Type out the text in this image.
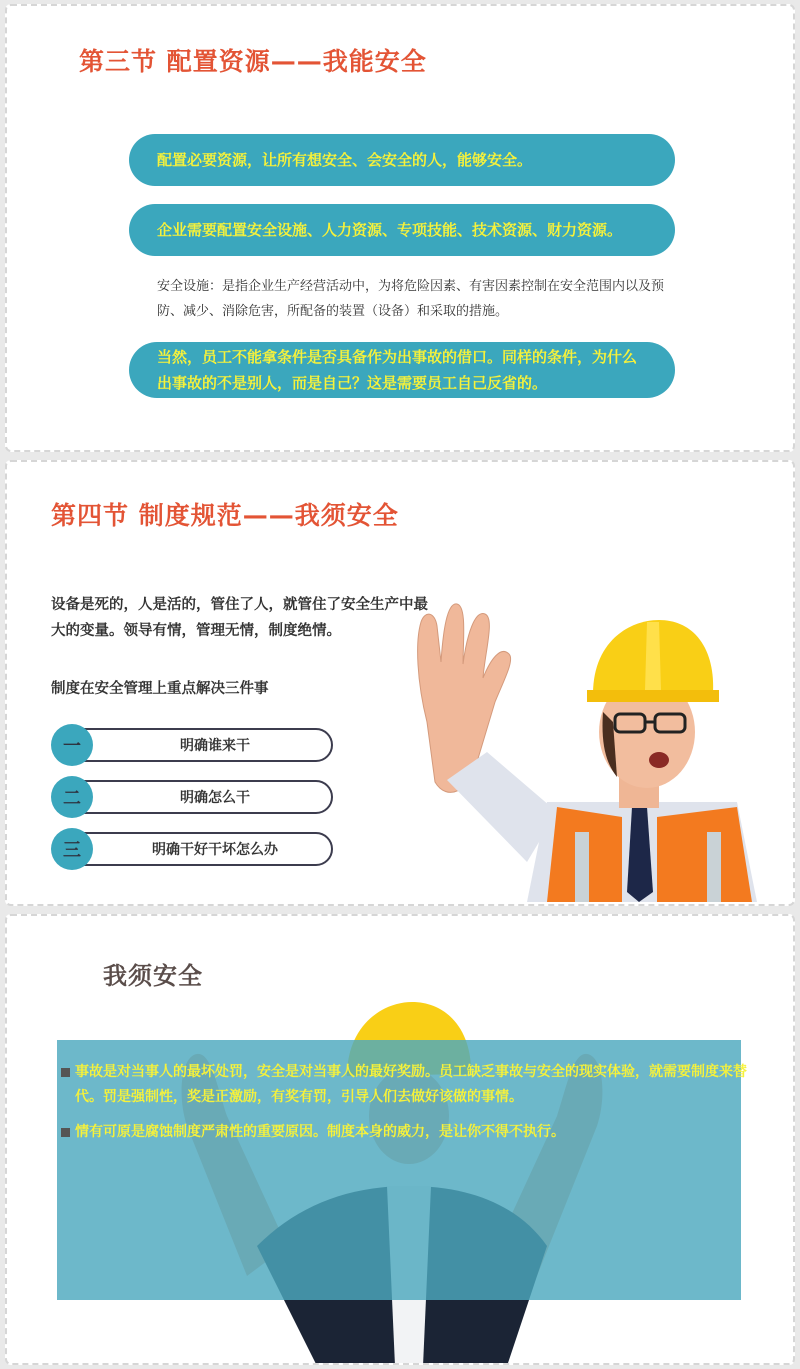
第三节 配置资源——我能安全
配置必要资源，让所有想安全、会安全的人，能够安全。
企业需要配置安全设施、人力资源、专项技能、技术资源、财力资源。
安全设施：是指企业生产经营活动中，为将危险因素、有害因素控制在安全范围内以及预防、减少、消除危害，所配备的装置（设备）和采取的措施。
当然，员工不能拿条件是否具备作为出事故的借口。同样的条件，为什么出事故的不是别人，而是自己？这是需要员工自己反省的。
第四节 制度规范——我须安全
设备是死的，人是活的，管住了人，就管住了安全生产中最大的变量。领导有情，管理无情，制度绝情。
制度在安全管理上重点解决三件事
明确谁来干
一
明确怎么干
二
明确干好干坏怎么办
三
我须安全
事故是对当事人的最坏处罚，安全是对当事人的最好奖励。员工缺乏事故与安全的现实体验，就需要制度来替代。罚是强制性，奖是正激励，有奖有罚，引导人们去做好该做的事情。
情有可原是腐蚀制度严肃性的重要原因。制度本身的威力，是让你不得不执行。
